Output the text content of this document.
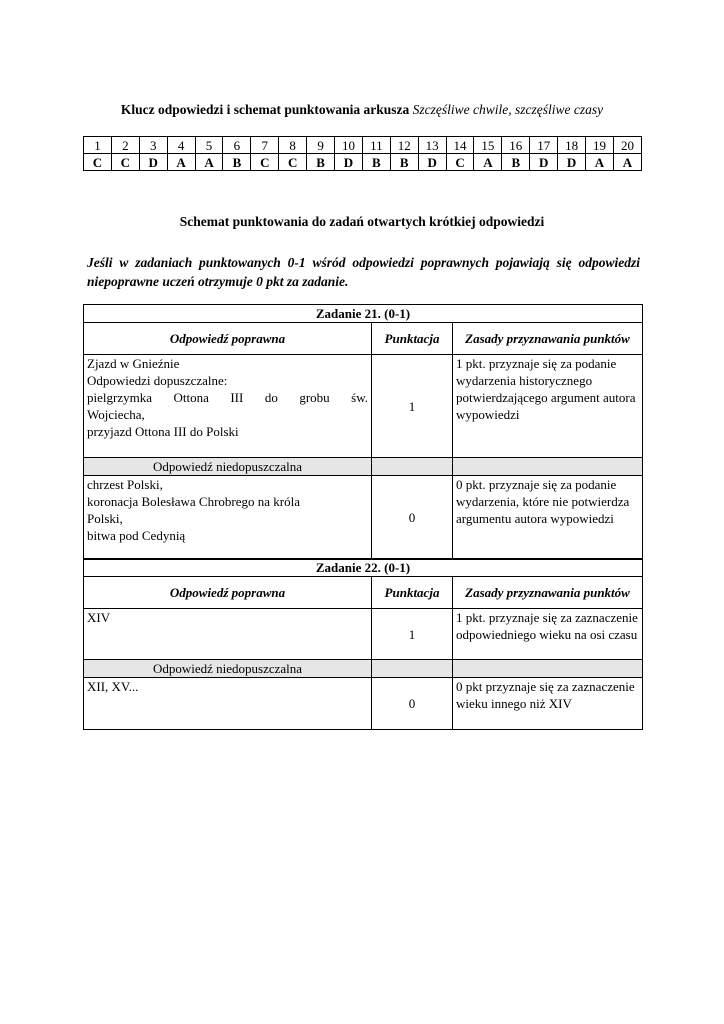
Klucz odpowiedzi i schemat punktowania arkusza Szczęśliwe chwile, szczęśliwe czasy
1	2	3	4	5	6	7	8	9	10	11	12	13	14	15	16	17	18	19	20
C	C	D	A	A	B	C	C	B	D	B	B	D	C	A	B	D	D	A	A
Schemat punktowania do zadań otwartych krótkiej odpowiedzi
Jeśli w zadaniach punktowanych 0-1 wśród odpowiedzi poprawnych pojawiają się odpowiedzi niepoprawne uczeń otrzymuje 0 pkt za zadanie.
Zadanie 21. (0-1)		
Odpowiedź poprawna	Punktacja	Zasady przyznawania punktów

Zjazd w Gnieźnie
Odpowiedzi dopuszczalne:
pielgrzymka Ottona III do grobu św.
Wojciecha,
przyjazd Ottona III do Polski	1	1 pkt. przyznaje się za podanie wydarzenia historycznego potwierdzającego argument autora wypowiedzi
Odpowiedź niedopuszczalna		

chrzest Polski,
koronacja Bolesława Chrobrego na króla
Polski,
bitwa pod Cedynią	0	0 pkt. przyznaje się za podanie wydarzenia, które nie potwierdza argumentu autora wypowiedzi
Zadanie 22. (0-1)		
Odpowiedź poprawna	Punktacja	Zasady przyznawania punktów
XIV	1	1 pkt. przyznaje się za zaznaczenie odpowiedniego wieku na osi czasu
Odpowiedź niedopuszczalna		
XII, XV...	0	0 pkt przyznaje się za zaznaczenie wieku innego niż XIV
